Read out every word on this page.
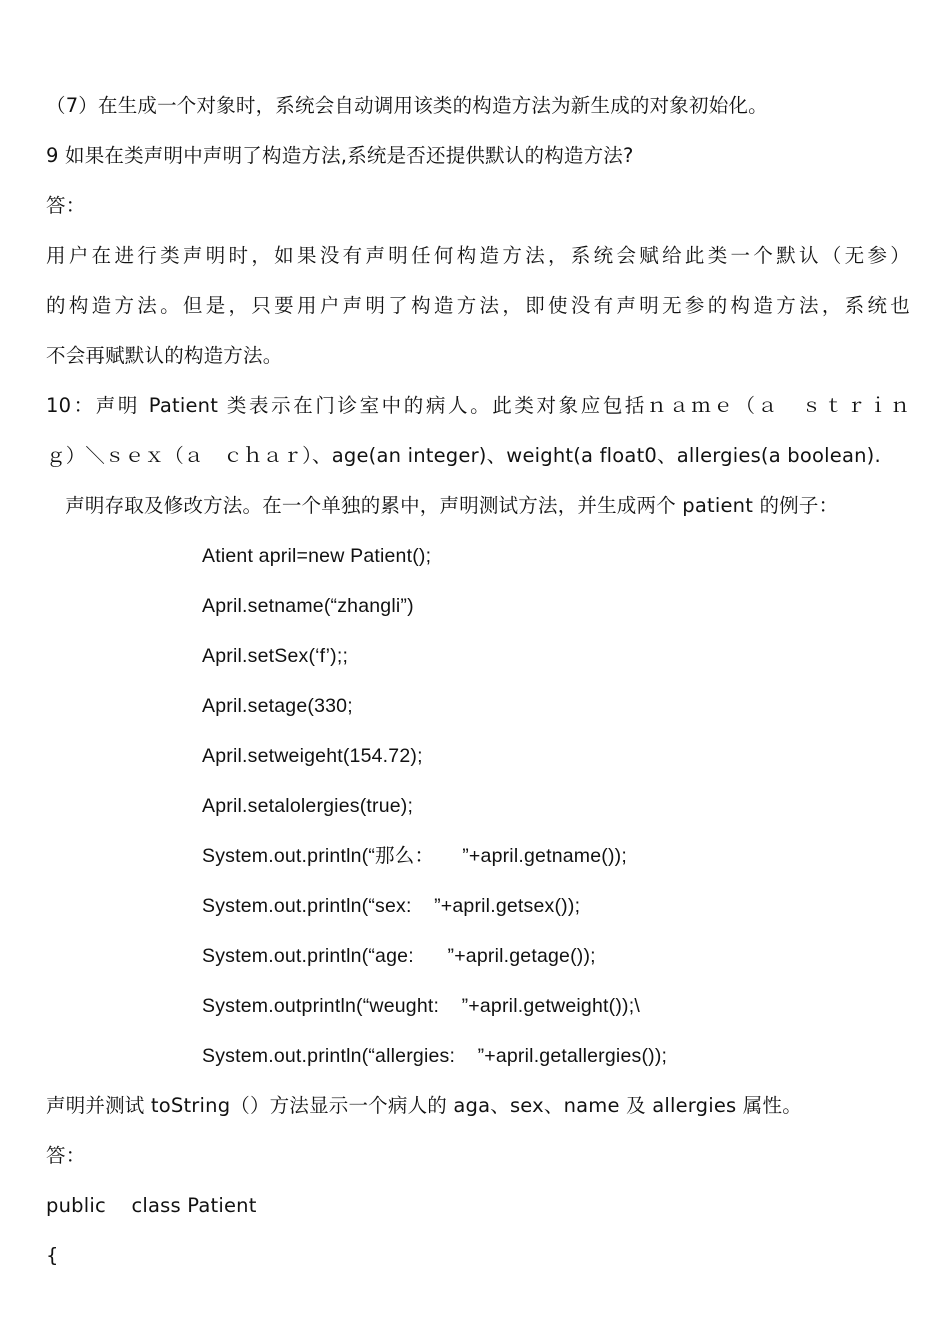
（7）在生成一个对象时，系统会自动调用该类的构造方法为新生成的对象初始化。
9 如果在类声明中声明了构造方法,系统是否还提供默认的构造方法?
答：
用户在进行类声明时，如果没有声明任何构造方法，系统会赋给此类一个默认（无参）
的构造方法。但是，只要用户声明了构造方法，即使没有声明无参的构造方法，系统也
不会再赋默认的构造方法。
10：声明 Patient 类表示在门诊室中的病人。此类对象应包括ｎａｍｅ（ａ　ｓｔｒｉｎ
ｇ）＼ｓｅｘ（ａ　ｃｈａｒ）、age(an integer)、weight(a float0、allergies(a boolean).
声明存取及修改方法。在一个单独的累中，声明测试方法，并生成两个 patient 的例子：
Atient april=new Patient();
April.setname(“zhangli”)
April.setSex(‘f’);;
April.setage(330;
April.setweigeht(154.72);
April.setalolergies(true);
System.out.println(“那么：     ”+april.getname());
System.out.println(“sex:    ”+april.getsex());
System.out.println(“age:      ”+april.getage());
System.outprintln(“weught:    ”+april.getweight());\
System.out.println(“allergies:    ”+april.getallergies());
声明并测试 toString（）方法显示一个病人的 aga、sex、name 及 allergies 属性。
答：
public    class Patient
{
